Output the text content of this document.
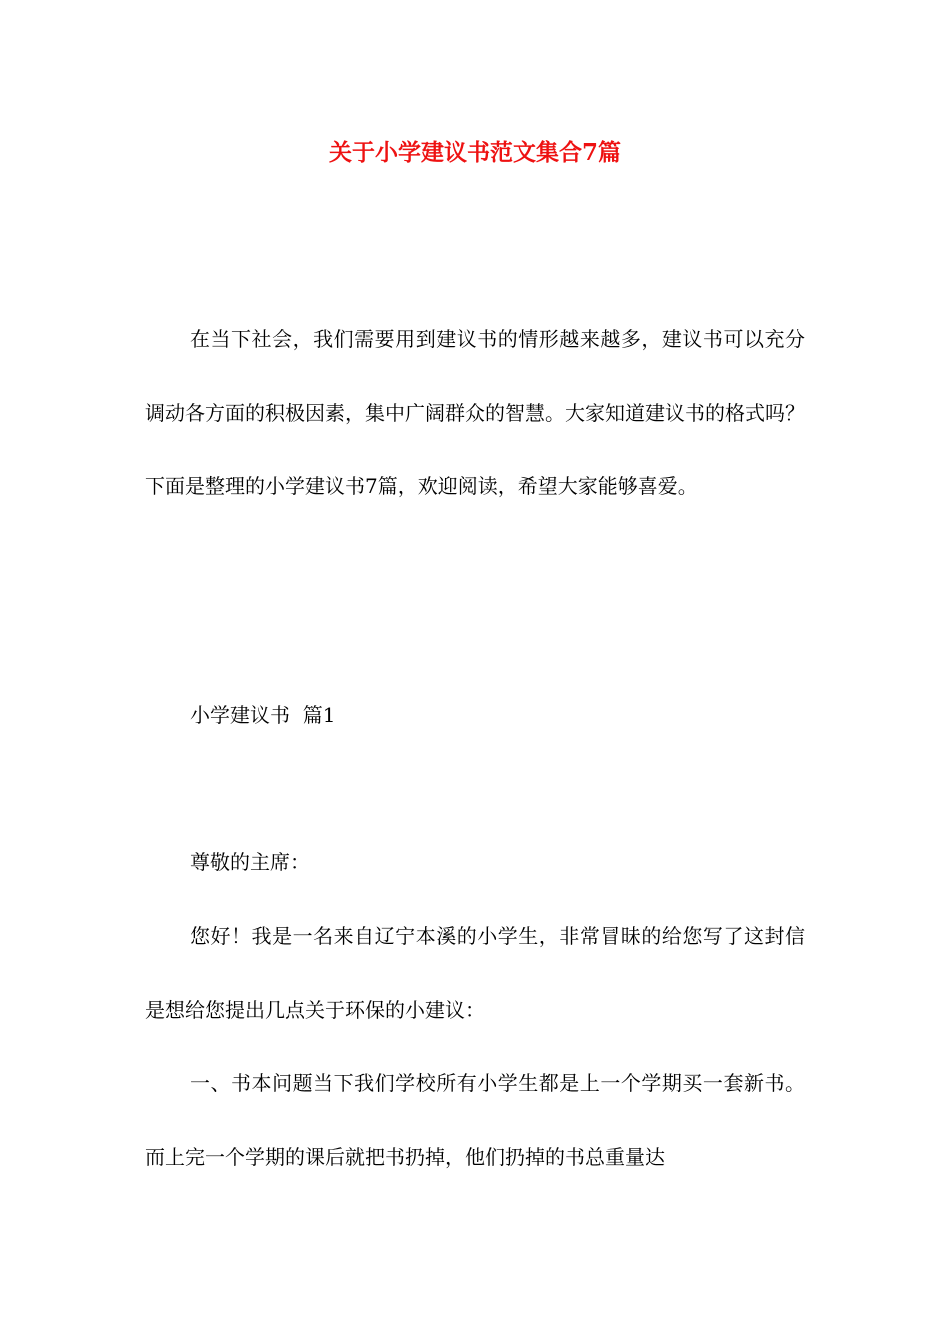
关于小学建议书范文集合7篇

在当下社会，我们需要用到建议书的情形越来越多，建议书可以充分调动各方面的积极因素，集中广阔群众的智慧。大家知道建议书的格式吗？下面是整理的小学建议书7篇，欢迎阅读，希望大家能够喜爱。

小学建议书  篇1

尊敬的主席：

您好！我是一名来自辽宁本溪的小学生，非常冒昧的给您写了这封信是想给您提出几点关于环保的小建议：

一、书本问题当下我们学校所有小学生都是上一个学期买一套新书。而上完一个学期的课后就把书扔掉，他们扔掉的书总重量达
